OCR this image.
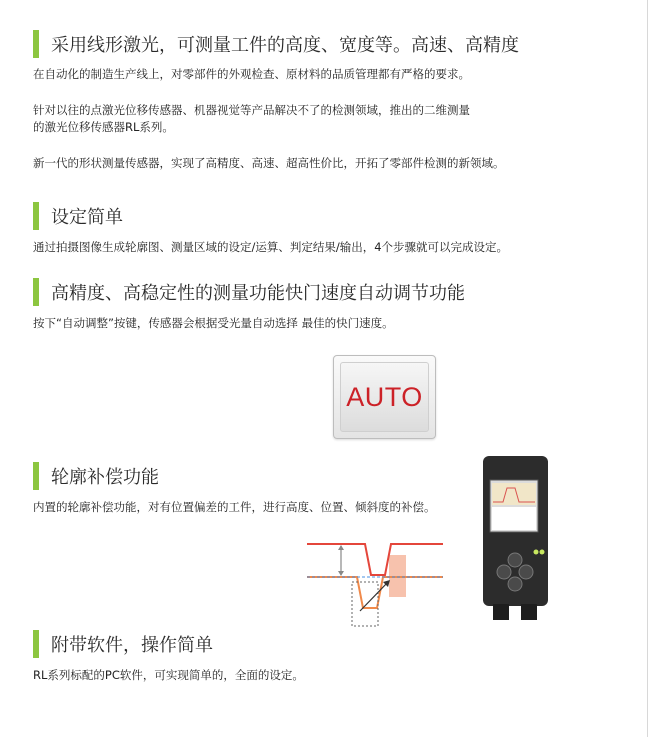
采用线形激光，可测量工件的高度、宽度等。高速、高精度
在自动化的制造生产线上，对零部件的外观检查、原材料的品质管理都有严格的要求。
针对以往的点激光位移传感器、机器视觉等产品解决不了的检测领域，推出的二维测量
的激光位移传感器RL系列。
新一代的形状测量传感器，实现了高精度、高速、超高性价比，开拓了零部件检测的新领域。
设定简单
通过拍摄图像生成轮廓图、测量区域的设定/运算、判定结果/输出，4个步骤就可以完成设定。
高精度、高稳定性的测量功能快门速度自动调节功能
按下“自动调整”按键，传感器会根据受光量自动选择 最佳的快门速度。
AUTO
轮廓补偿功能
内置的轮廓补偿功能，对有位置偏差的工件，进行高度、位置、倾斜度的补偿。
附带软件，操作简单
RL系列标配的PC软件，可实现简单的，全面的设定。
